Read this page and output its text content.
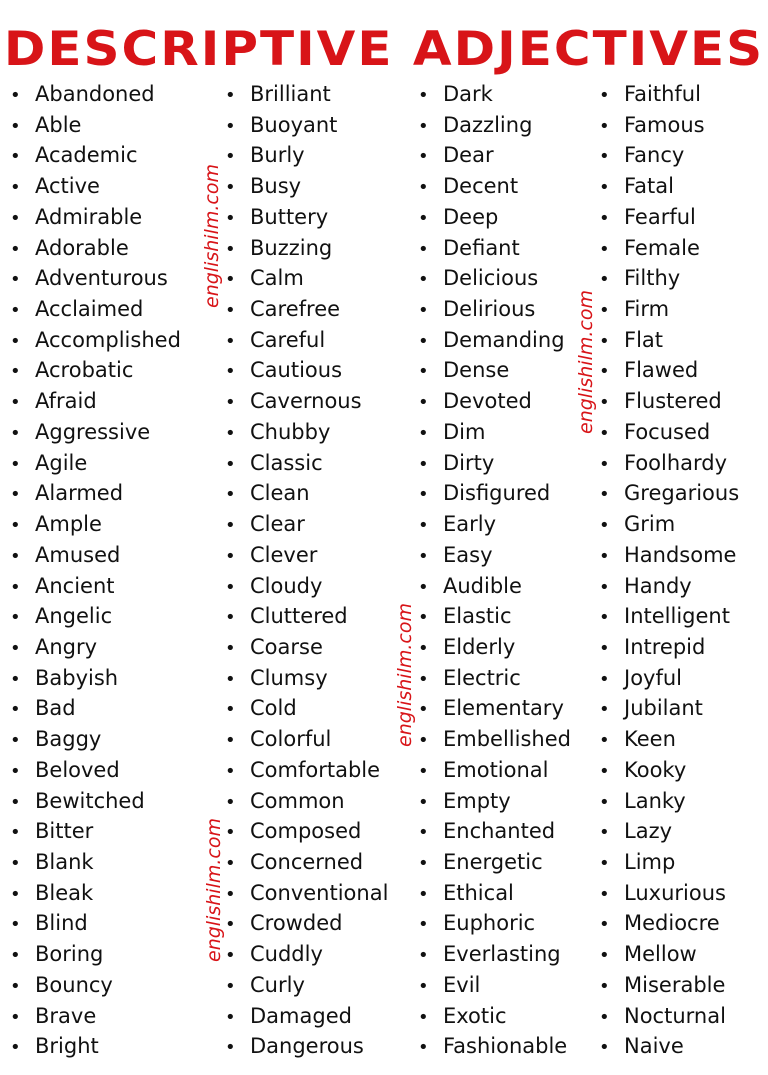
DESCRIPTIVE ADJECTIVES
• Abandoned
• Able
• Academic
• Active
• Admirable
• Adorable
• Adventurous
• Acclaimed
• Accomplished
• Acrobatic
• Afraid
• Aggressive
• Agile
• Alarmed
• Ample
• Amused
• Ancient
• Angelic
• Angry
• Babyish
• Bad
• Baggy
• Beloved
• Bewitched
• Bitter
• Blank
• Bleak
• Blind
• Boring
• Bouncy
• Brave
• Bright
• Brilliant
• Buoyant
• Burly
• Busy
• Buttery
• Buzzing
• Calm
• Carefree
• Careful
• Cautious
• Cavernous
• Chubby
• Classic
• Clean
• Clear
• Clever
• Cloudy
• Cluttered
• Coarse
• Clumsy
• Cold
• Colorful
• Comfortable
• Common
• Composed
• Concerned
• Conventional
• Crowded
• Cuddly
• Curly
• Damaged
• Dangerous
• Dark
• Dazzling
• Dear
• Decent
• Deep
• Defiant
• Delicious
• Delirious
• Demanding
• Dense
• Devoted
• Dim
• Dirty
• Disfigured
• Early
• Easy
• Audible
• Elastic
• Elderly
• Electric
• Elementary
• Embellished
• Emotional
• Empty
• Enchanted
• Energetic
• Ethical
• Euphoric
• Everlasting
• Evil
• Exotic
• Fashionable
• Faithful
• Famous
• Fancy
• Fatal
• Fearful
• Female
• Filthy
• Firm
• Flat
• Flawed
• Flustered
• Focused
• Foolhardy
• Gregarious
• Grim
• Handsome
• Handy
• Intelligent
• Intrepid
• Joyful
• Jubilant
• Keen
• Kooky
• Lanky
• Lazy
• Limp
• Luxurious
• Mediocre
• Mellow
• Miserable
• Nocturnal
• Naive
englishilm.com
englishilm.com
englishilm.com
englishilm.com
